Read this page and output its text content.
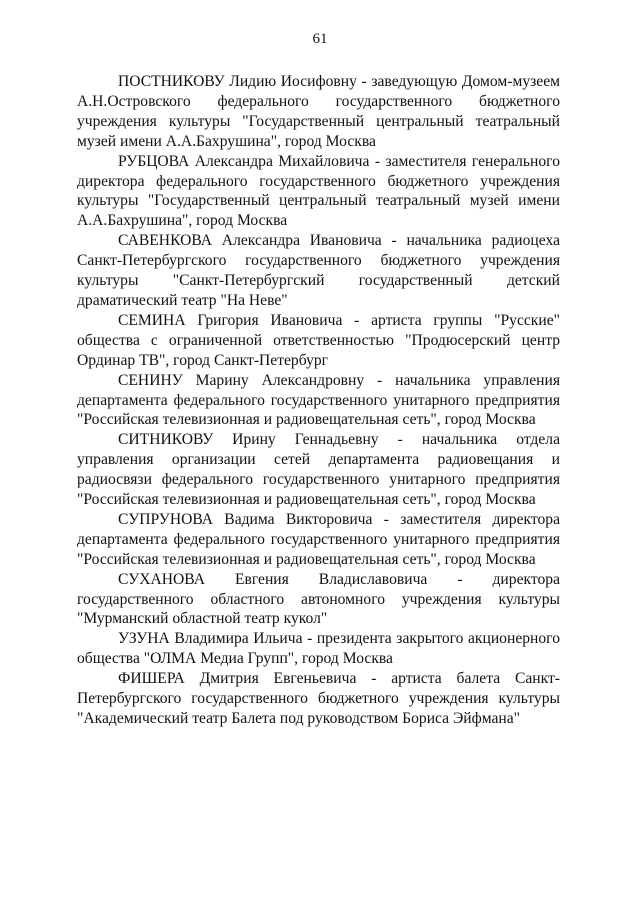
61

ПОСТНИКОВУ Лидию Иосифовну - заведующую Домом-музеем А.Н.Островского федерального государственного бюджетного учреждения культуры "Государственный центральный театральный музей имени А.А.Бахрушина", город Москва

РУБЦОВА Александра Михайловича - заместителя генерального директора федерального государственного бюджетного учреждения культуры "Государственный центральный театральный музей имени А.А.Бахрушина", город Москва

САВЕНКОВА Александра Ивановича - начальника радиоцеха Санкт-Петербургского государственного бюджетного учреждения культуры "Санкт-Петербургский государственный детский драматический театр "На Неве"

СЕМИНА Григория Ивановича - артиста группы "Русские" общества с ограниченной ответственностью "Продюсерский центр Ординар ТВ", город Санкт-Петербург

СЕНИНУ Марину Александровну - начальника управления департамента федерального государственного унитарного предприятия "Российская телевизионная и радиовещательная сеть", город Москва

СИТНИКОВУ Ирину Геннадьевну - начальника отдела управления организации сетей департамента радиовещания и радиосвязи федерального государственного унитарного предприятия "Российская телевизионная и радиовещательная сеть", город Москва

СУПРУНОВА Вадима Викторовича - заместителя директора департамента федерального государственного унитарного предприятия "Российская телевизионная и радиовещательная сеть", город Москва

СУХАНОВА Евгения Владиславовича - директора государственного областного автономного учреждения культуры "Мурманский областной театр кукол"

УЗУНА Владимира Ильича - президента закрытого акционерного общества "ОЛМА Медиа Групп", город Москва

ФИШЕРА Дмитрия Евгеньевича - артиста балета Санкт-Петербургского государственного бюджетного учреждения культуры "Академический театр Балета под руководством Бориса Эйфмана"
